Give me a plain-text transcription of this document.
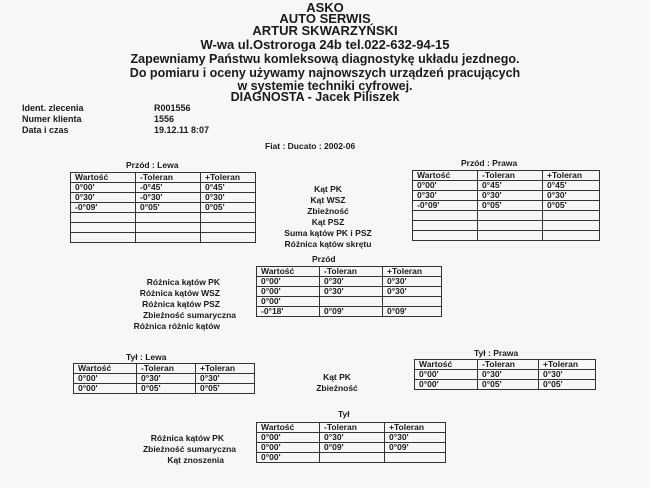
ASKO
AUTO SERWIS
ARTUR SKWARZYŃSKI
W-wa ul.Ostroroga 24b tel.022-632-94-15
Zapewniamy Państwu komleksową diagnostykę układu jezdnego.
Do pomiaru i oceny używamy najnowszych urządzeń pracujących
w systemie techniki cyfrowej.
DIAGNOSTA - Jacek Piliszek
Ident. zlecenia	R001556
Numer klienta	1556
Data i czas	19.12.11 8:07
Fiat : Ducato : 2002-06
Przód : Lewa
Wartość	-Toleran	+Toleran
0°00'	-0°45'	0°45'
0°30'	-0°30'	0°30'
-0°09'	0°05'	0°05'

Kąt PK
Kąt WSZ
Zbieżność
Kąt PSZ
Suma kątów PK i PSZ
Różnica kątów skrętu
Przód : Prawa
Wartość	-Toleran	+Toleran
0°00'	0°45'	0°45'
0°30'	0°30'	0°30'
-0°09'	0°05'	0°05'

Przód
Różnica kątów PK
Różnica kątów WSZ
Różnica kątów PSZ
Zbieżność sumaryczna
Różnica różnic kątów
Wartość	-Toleran	+Toleran
0°00'	0°30'	0°30'
0°00'	0°30'	0°30'
0°00'		
-0°18'	0°09'	0°09'
Tył : Lewa
Wartość	-Toleran	+Toleran
0°00'	0°30'	0°30'
0°00'	0°05'	0°05'
Kąt PK
Zbieżność
Tył : Prawa
Wartość	-Toleran	+Toleran
0°00'	0°30'	0°30'
0°00'	0°05'	0°05'
Tył
Różnica kątów PK
Zbieżność sumaryczna
Kąt znoszenia
Wartość	-Toleran	+Toleran
0°00'	0°30'	0°30'
0°00'	0°09'	0°09'
0°00'		
